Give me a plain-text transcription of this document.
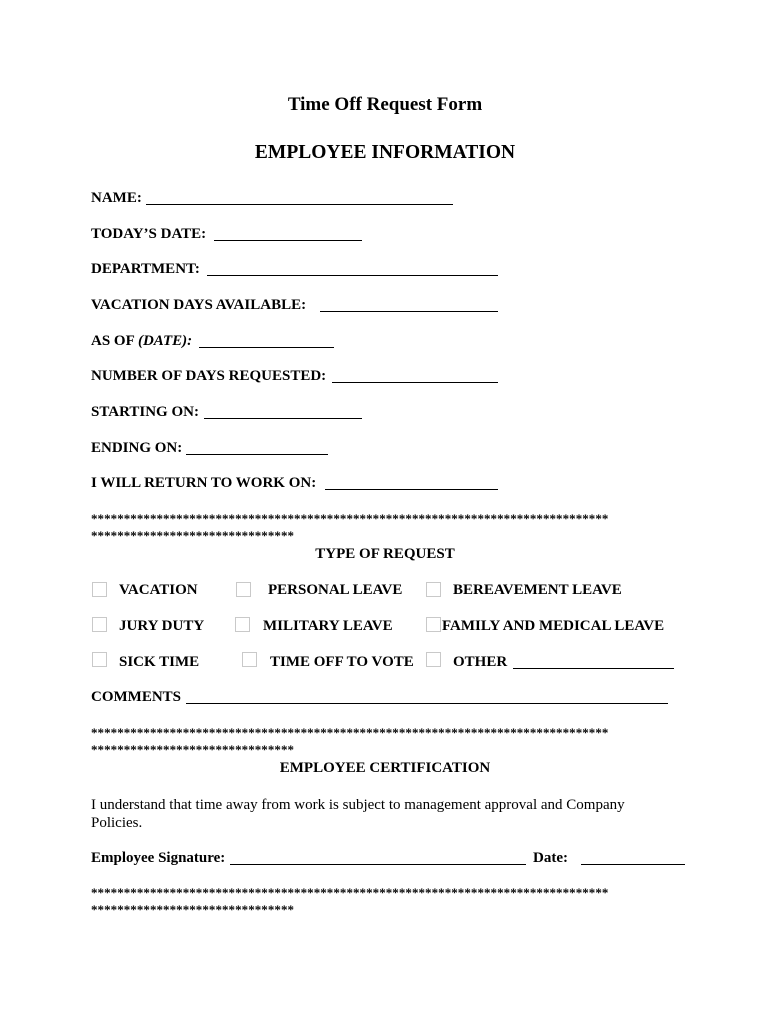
Time Off Request Form
EMPLOYEE INFORMATION
NAME:
TODAY’S DATE:
DEPARTMENT:
VACATION DAYS AVAILABLE:
AS OF (DATE):
NUMBER OF DAYS REQUESTED:
STARTING ON:
ENDING ON:
I WILL RETURN TO WORK ON:
*******************************************************************************
*******************************
TYPE OF REQUEST
VACATION	PERSONAL LEAVE	BEREAVEMENT LEAVE
JURY DUTY	MILITARY LEAVE	FAMILY AND MEDICAL LEAVE
SICK TIME	TIME OFF TO VOTE	OTHER
COMMENTS
*******************************************************************************
*******************************
EMPLOYEE CERTIFICATION
I understand that time away from work is subject to management approval and Company Policies.
Employee Signature:	Date:
*******************************************************************************
*******************************
